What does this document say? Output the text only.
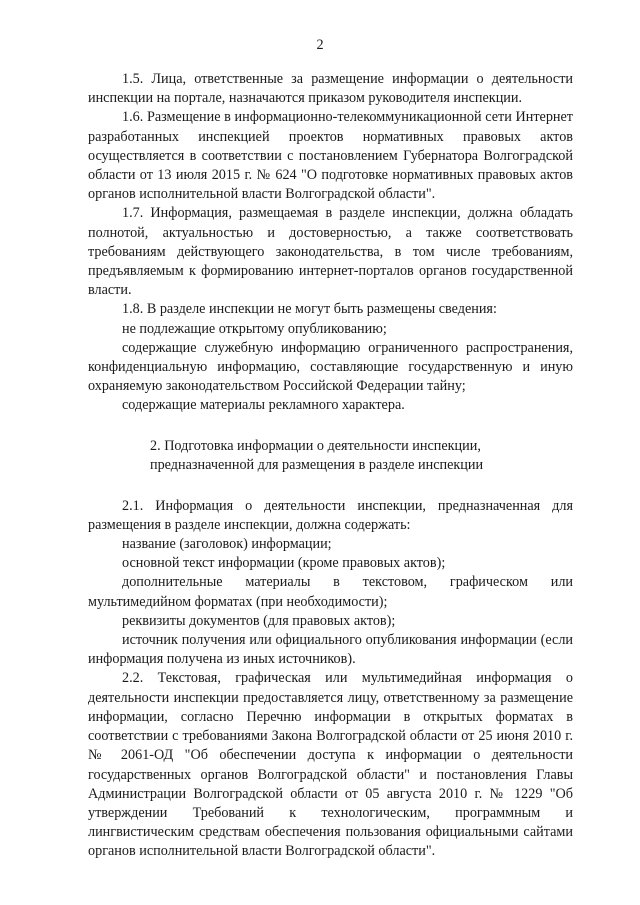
2

1.5. Лица, ответственные за размещение информации о деятельности инспекции на портале, назначаются приказом руководителя инспекции.

1.6. Размещение в информационно-телекоммуникационной сети Интернет разработанных инспекцией проектов нормативных правовых актов осуществляется в соответствии с постановлением Губернатора Волгоградской области от 13 июля 2015 г. № 624 "О подготовке нормативных правовых актов органов исполнительной власти Волгоградской области".

1.7. Информация, размещаемая в разделе инспекции, должна обладать полнотой, актуальностью и достоверностью, а также соответствовать требованиям действующего законодательства, в том числе требованиям, предъявляемым к формированию интернет-порталов органов государственной власти.

1.8. В разделе инспекции не могут быть размещены сведения:

не подлежащие открытому опубликованию;

содержащие служебную информацию ограниченного распространения, конфиденциальную информацию, составляющие государственную и иную охраняемую законодательством Российской Федерации тайну;

содержащие материалы рекламного характера.

2. Подготовка информации о деятельности инспекции,
предназначенной для размещения в разделе инспекции

2.1. Информация о деятельности инспекции, предназначенная для размещения в разделе инспекции, должна содержать:

название (заголовок) информации;

основной текст информации (кроме правовых актов);

дополнительные материалы в текстовом, графическом или мультимедийном форматах (при необходимости);

реквизиты документов (для правовых актов);

источник получения или официального опубликования информации (если информация получена из иных источников).

2.2. Текстовая, графическая или мультимедийная информация о деятельности инспекции предоставляется лицу, ответственному за размещение информации, согласно Перечню информации в открытых форматах в соответствии с требованиями Закона Волгоградской области от 25 июня 2010 г. № 2061-ОД "Об обеспечении доступа к информации о деятельности государственных органов Волгоградской области" и постановления Главы Администрации Волгоградской области от 05 августа 2010 г. № 1229 "Об утверждении Требований к технологическим, программным и лингвистическим средствам обеспечения пользования официальными сайтами органов исполнительной власти Волгоградской области".
